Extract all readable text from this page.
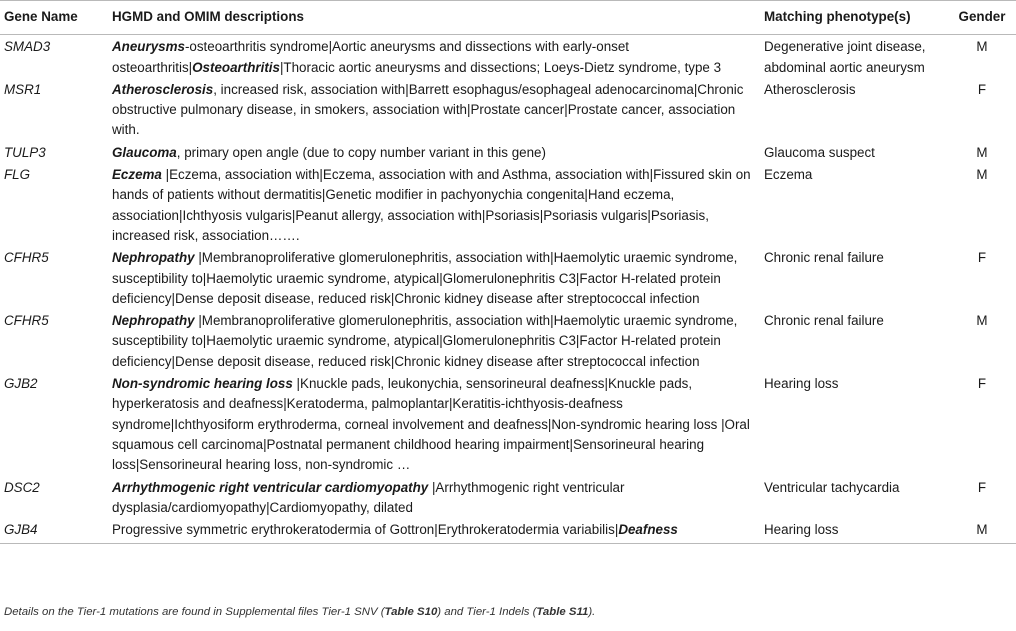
Gene Name	HGMD and OMIM descriptions	Matching phenotype(s)	Gender
SMAD3	Aneurysms-osteoarthritis syndrome|Aortic aneurysms and dissections with early-onset osteoarthritis|Osteoarthritis|Thoracic aortic aneurysms and dissections; Loeys-Dietz syndrome, type 3	Degenerative joint disease, abdominal aortic aneurysm	M
MSR1	Atherosclerosis, increased risk, association with|Barrett esophagus/esophageal adenocarcinoma|Chronic obstructive pulmonary disease, in smokers, association with|Prostate cancer|Prostate cancer, association with.	Atherosclerosis	F
TULP3	Glaucoma, primary open angle (due to copy number variant in this gene)	Glaucoma suspect	M
FLG	Eczema |Eczema, association with|Eczema, association with and Asthma, association with|Fissured skin on hands of patients without dermatitis|Genetic modifier in pachyonychia congenita|Hand eczema, association|Ichthyosis vulgaris|Peanut allergy, association with|Psoriasis|Psoriasis vulgaris|Psoriasis, increased risk, association…….	Eczema	M
CFHR5	Nephropathy |Membranoproliferative glomerulonephritis, association with|Haemolytic uraemic syndrome, susceptibility to|Haemolytic uraemic syndrome, atypical|Glomerulonephritis C3|Factor H-related protein deficiency|Dense deposit disease, reduced risk|Chronic kidney disease after streptococcal infection	Chronic renal failure	F
CFHR5	Nephropathy |Membranoproliferative glomerulonephritis, association with|Haemolytic uraemic syndrome, susceptibility to|Haemolytic uraemic syndrome, atypical|Glomerulonephritis C3|Factor H-related protein deficiency|Dense deposit disease, reduced risk|Chronic kidney disease after streptococcal infection	Chronic renal failure	M
GJB2	Non-syndromic hearing loss |Knuckle pads, leukonychia, sensorineural deafness|Knuckle pads, hyperkeratosis and deafness|Keratoderma, palmoplantar|Keratitis-ichthyosis-deafness syndrome|Ichthyosiform erythroderma, corneal involvement and deafness|Non-syndromic hearing loss |Oral squamous cell carcinoma|Postnatal permanent childhood hearing impairment|Sensorineural hearing loss|Sensorineural hearing loss, non-syndromic …	Hearing loss	F
DSC2	Arrhythmogenic right ventricular cardiomyopathy |Arrhythmogenic right ventricular dysplasia/cardiomyopathy|Cardiomyopathy, dilated	Ventricular tachycardia	F
GJB4	Progressive symmetric erythrokeratodermia of Gottron|Erythrokeratodermia variabilis|Deafness	Hearing loss	M
Details on the Tier-1 mutations are found in Supplemental files Tier-1 SNV (Table S10) and Tier-1 Indels (Table S11).
